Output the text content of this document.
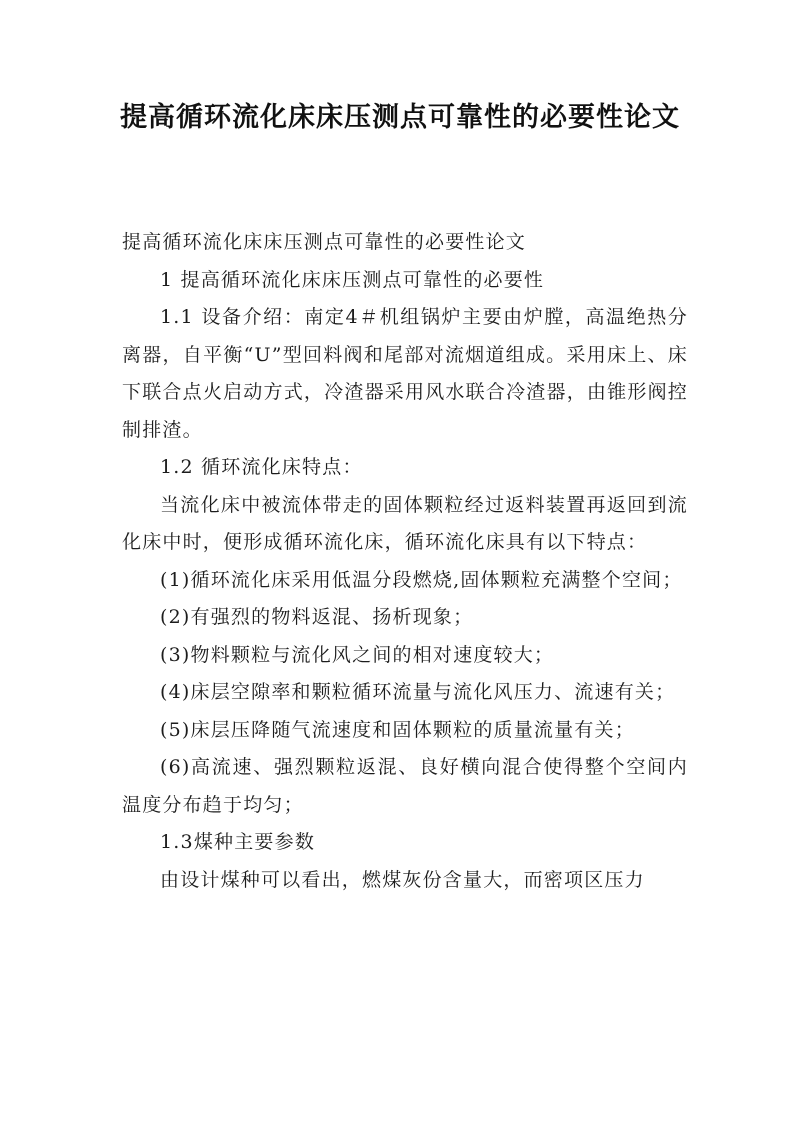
提高循环流化床床压测点可靠性的必要性论文

提高循环流化床床压测点可靠性的必要性论文

1 提高循环流化床床压测点可靠性的必要性

1.1 设备介绍：南定4＃机组锅炉主要由炉膛，高温绝热分离器，自平衡“U”型回料阀和尾部对流烟道组成。采用床上、床下联合点火启动方式，冷渣器采用风水联合冷渣器，由锥形阀控制排渣。

1.2 循环流化床特点：

当流化床中被流体带走的固体颗粒经过返料装置再返回到流化床中时，便形成循环流化床，循环流化床具有以下特点：

(1)循环流化床采用低温分段燃烧,固体颗粒充满整个空间；

(2)有强烈的物料返混、扬析现象；

(3)物料颗粒与流化风之间的相对速度较大；

(4)床层空隙率和颗粒循环流量与流化风压力、流速有关；

(5)床层压降随气流速度和固体颗粒的质量流量有关；

(6)高流速、强烈颗粒返混、良好横向混合使得整个空间内温度分布趋于均匀；

1.3煤种主要参数

由设计煤种可以看出，燃煤灰份含量大，而密项区压力
